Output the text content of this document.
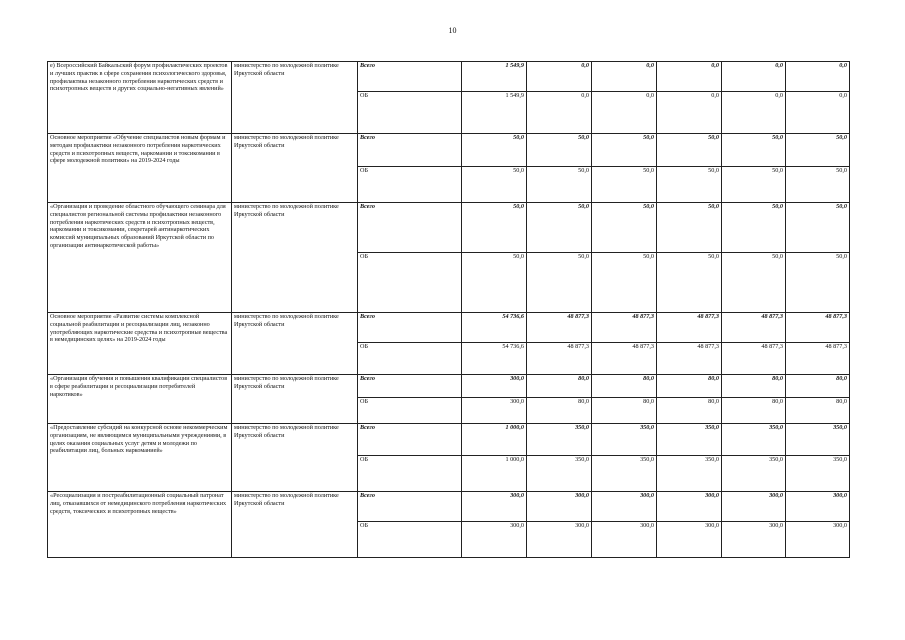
10
е) Всероссийский Байкальский форум профилактических проектов и лучших практик в сфере сохранения психологического здоровья, профилактика незаконного потребления наркотических средств и психотропных веществ и других социально-негативных явлений»	министерство по молодежной политике Иркутской области	Всего	1 549,9	0,0	0,0	0,0	0,0	0,0
		ОБ	1 549,9	0,0	0,0	0,0	0,0	0,0
Основное мероприятие «Обучение специалистов новым формам и методам профилактики незаконного потребления наркотических средств и психотропных веществ, наркомании и токсикомании в сфере молодежной политики» на 2019-2024 годы	министерство по молодежной политике Иркутской области	Всего	50,0	50,0	50,0	50,0	50,0	50,0
		ОБ	50,0	50,0	50,0	50,0	50,0	50,0
«Организация и проведение областного обучающего семинара для специалистов региональной системы профилактики незаконного потребления наркотических средств и психотропных веществ, наркомании и токсикомании, секретарей антинаркотических комиссий муниципальных образований Иркутской области по организации антинаркотической работы»	министерство по молодежной политике Иркутской области	Всего	50,0	50,0	50,0	50,0	50,0	50,0
		ОБ	50,0	50,0	50,0	50,0	50,0	50,0
Основное мероприятие «Развитие системы комплексной социальной реабилитации и ресоциализации лиц, незаконно употребляющих наркотические средства и психотропные вещества в немедицинских целях» на 2019-2024 годы	министерство по молодежной политике Иркутской области	Всего	54 736,6	48 877,3	48 877,3	48 877,3	48 877,3	48 877,3
		ОБ	54 736,6	48 877,3	48 877,3	48 877,3	48 877,3	48 877,3
«Организация обучения и повышения квалификации специалистов в сфере реабилитации и ресоциализации потребителей наркотиков»	министерство по молодежной политике Иркутской области	Всего	300,0	80,0	80,0	80,0	80,0	80,0
		ОБ	300,0	80,0	80,0	80,0	80,0	80,0
«Предоставление субсидий на конкурсной основе некоммерческим организациям, не являющимся муниципальными учреждениями, в целях оказания социальных услуг детям и молодежи по реабилитации лиц, больных наркоманией»	министерство по молодежной политике Иркутской области	Всего	1 000,0	350,0	350,0	350,0	350,0	350,0
		ОБ	1 000,0	350,0	350,0	350,0	350,0	350,0
«Ресоциализация и постреабилитационный социальный патронат лиц, отказавшихся от немедицинского потребления наркотических средств, токсических и психотропных веществ»	министерство по молодежной политике Иркутской области	Всего	300,0	300,0	300,0	300,0	300,0	300,0
		ОБ	300,0	300,0	300,0	300,0	300,0	300,0
